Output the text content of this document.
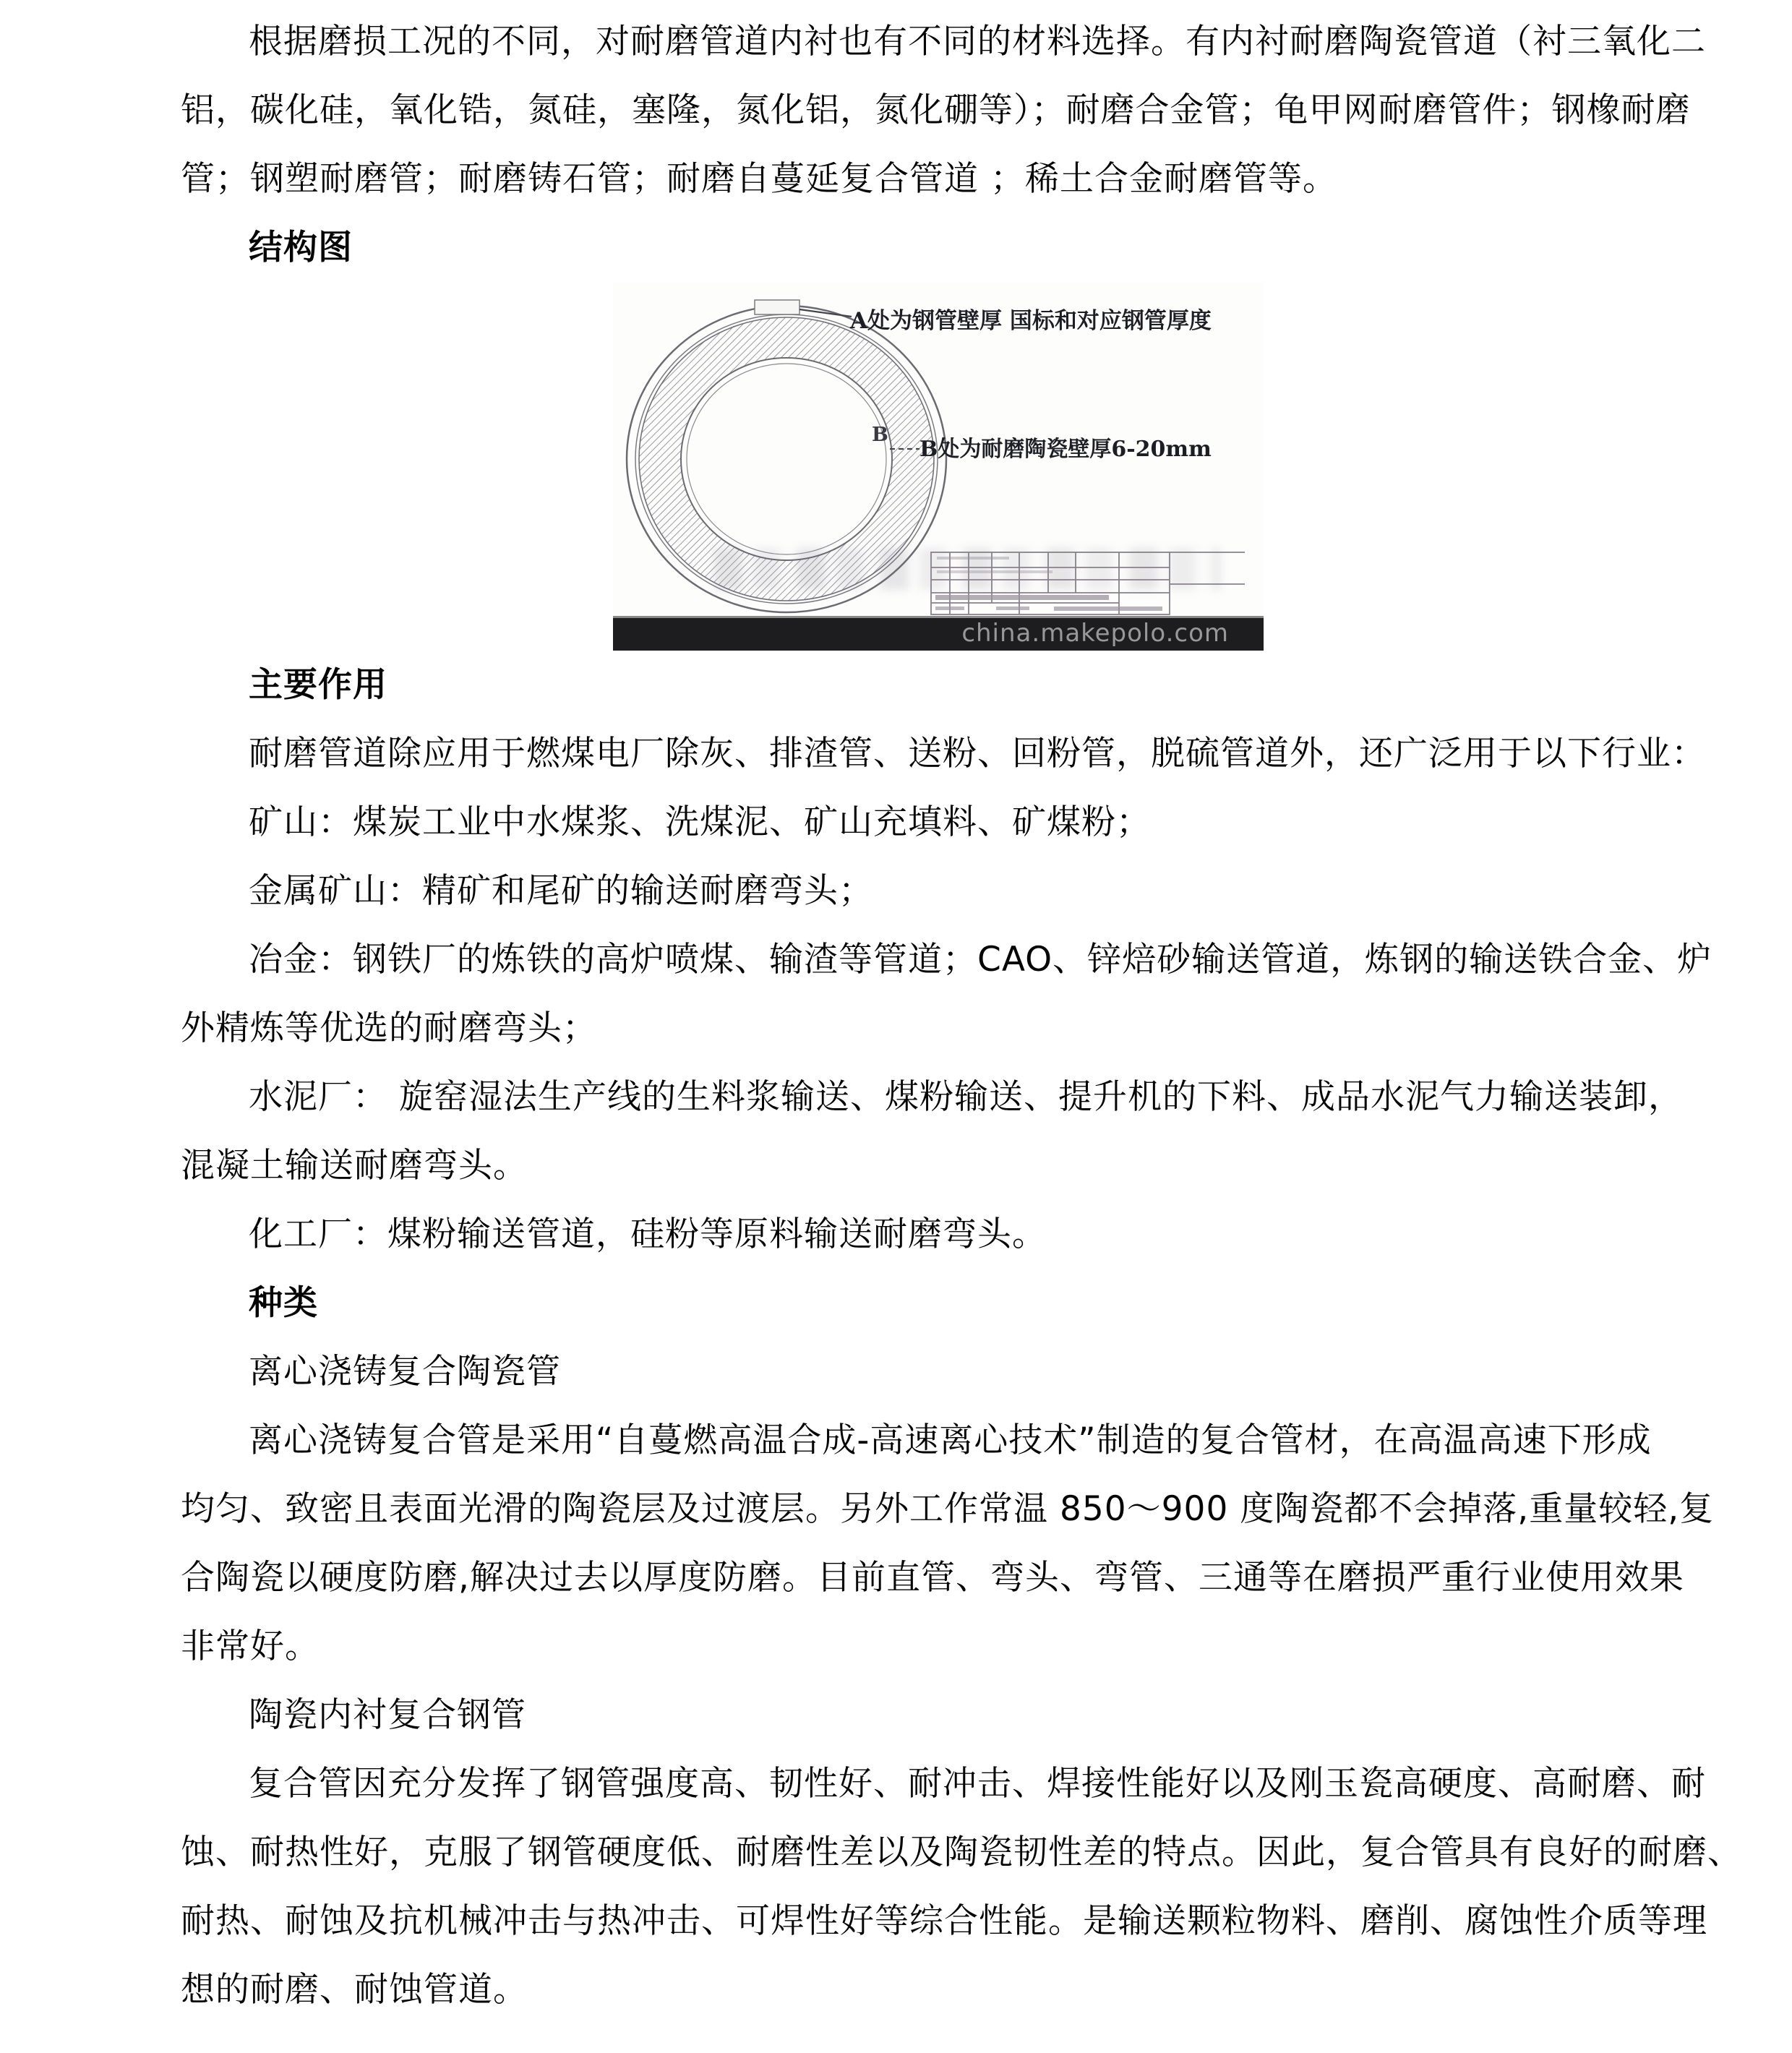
根据磨损工况的不同，对耐磨管道内衬也有不同的材料选择。有内衬耐磨陶瓷管道（衬三氧化二
铝，碳化硅，氧化锆，氮硅，塞隆，氮化铝，氮化硼等）；耐磨合金管；龟甲网耐磨管件；钢橡耐磨
管；钢塑耐磨管；耐磨铸石管；耐磨自蔓延复合管道 ；稀土合金耐磨管等。
结构图
A处为钢管壁厚 国标和对应钢管厚度
B
B处为耐磨陶瓷壁厚6-20mm
china.makepolo.com
主要作用
耐磨管道除应用于燃煤电厂除灰、排渣管、送粉、回粉管，脱硫管道外，还广泛用于以下行业：
矿山：煤炭工业中水煤浆、洗煤泥、矿山充填料、矿煤粉；
金属矿山：精矿和尾矿的输送耐磨弯头；
冶金：钢铁厂的炼铁的高炉喷煤、输渣等管道；CAO、锌焙砂输送管道，炼钢的输送铁合金、炉
外精炼等优选的耐磨弯头；
水泥厂： 旋窑湿法生产线的生料浆输送、煤粉输送、提升机的下料、成品水泥气力输送装卸，
混凝土输送耐磨弯头。
化工厂：煤粉输送管道，硅粉等原料输送耐磨弯头。
种类
离心浇铸复合陶瓷管
离心浇铸复合管是采用“自蔓燃高温合成-高速离心技术”制造的复合管材，在高温高速下形成
均匀、致密且表面光滑的陶瓷层及过渡层。另外工作常温 850～900 度陶瓷都不会掉落,重量较轻,复
合陶瓷以硬度防磨,解决过去以厚度防磨。目前直管、弯头、弯管、三通等在磨损严重行业使用效果
非常好。
陶瓷内衬复合钢管
复合管因充分发挥了钢管强度高、韧性好、耐冲击、焊接性能好以及刚玉瓷高硬度、高耐磨、耐
蚀、耐热性好，克服了钢管硬度低、耐磨性差以及陶瓷韧性差的特点。因此，复合管具有良好的耐磨、
耐热、耐蚀及抗机械冲击与热冲击、可焊性好等综合性能。是输送颗粒物料、磨削、腐蚀性介质等理
想的耐磨、耐蚀管道。
